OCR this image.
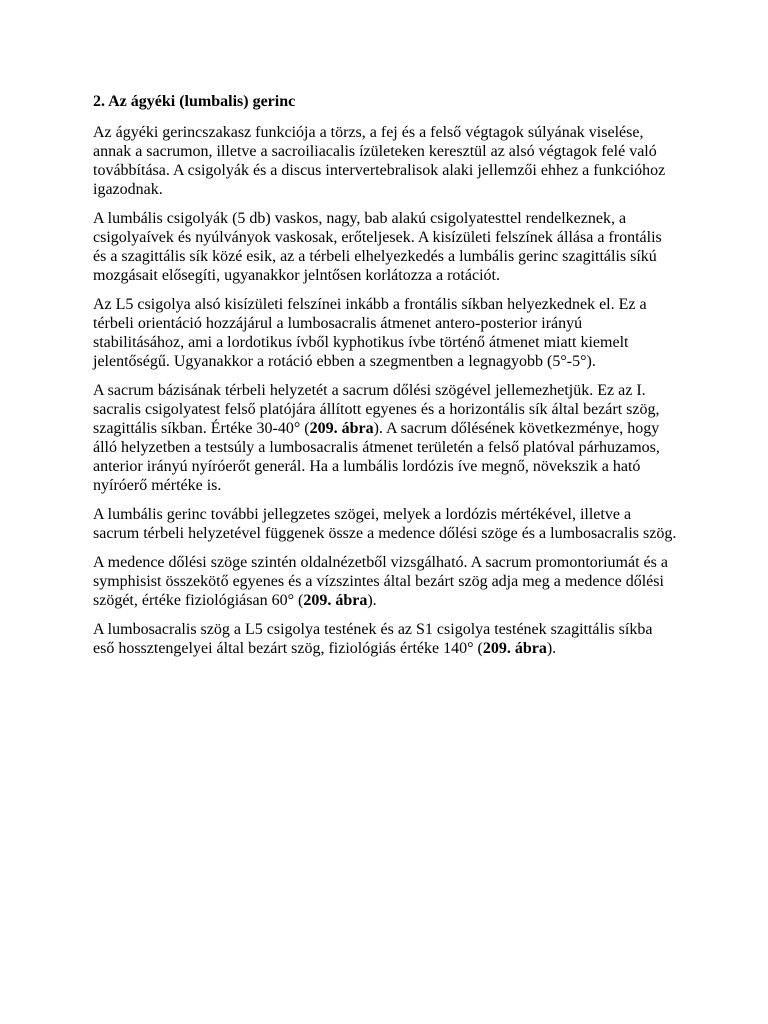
2. Az ágyéki (lumbalis) gerinc

Az ágyéki gerincszakasz funkciója a törzs, a fej és a felső végtagok súlyának viselése, annak a sacrumon, illetve a sacroiliacalis ízületeken keresztül az alsó végtagok felé való továbbítása. A csigolyák és a discus intervertebralisok alaki jellemzői ehhez a funkcióhoz igazodnak.

A lumbális csigolyák (5 db) vaskos, nagy, bab alakú csigolyatesttel rendelkeznek, a csigolyaívek és nyúlványok vaskosak, erőteljesek. A kisízületi felszínek állása a frontális és a szagittális sík közé esik, az a térbeli elhelyezkedés a lumbális gerinc szagittális síkú mozgásait elősegíti, ugyanakkor jelntősen korlátozza a rotációt.

Az L5 csigolya alsó kisízületi felszínei inkább a frontális síkban helyezkednek el. Ez a térbeli orientáció hozzájárul a lumbosacralis átmenet antero-posterior irányú stabilitásához, ami a lordotikus ívből kyphotikus ívbe történő átmenet miatt kiemelt jelentőségű. Ugyanakkor a rotáció ebben a szegmentben a legnagyobb (5°-5°).

A sacrum bázisának térbeli helyzetét a sacrum dőlési szögével jellemezhetjük. Ez az I. sacralis csigolyatest felső platójára állított egyenes és a horizontális sík által bezárt szög, szagittális síkban. Értéke 30-40° (209. ábra). A sacrum dőlésének következménye, hogy álló helyzetben a testsúly a lumbosacralis átmenet területén a felső platóval párhuzamos, anterior irányú nyíróerőt generál. Ha a lumbális lordózis íve megnő, növekszik a ható nyíróerő mértéke is.

A lumbális gerinc további jellegzetes szögei, melyek a lordózis mértékével, illetve a sacrum térbeli helyzetével függenek össze a medence dőlési szöge és a lumbosacralis szög.

A medence dőlési szöge szintén oldalnézetből vizsgálható. A sacrum promontoriumát és a symphisist összekötő egyenes és a vízszintes által bezárt szög adja meg a medence dőlési szögét, értéke fiziológiásan 60° (209. ábra).

A lumbosacralis szög a L5 csigolya testének és az S1 csigolya testének szagittális síkba eső hossztengelyei által bezárt szög, fiziológiás értéke 140° (209. ábra).
